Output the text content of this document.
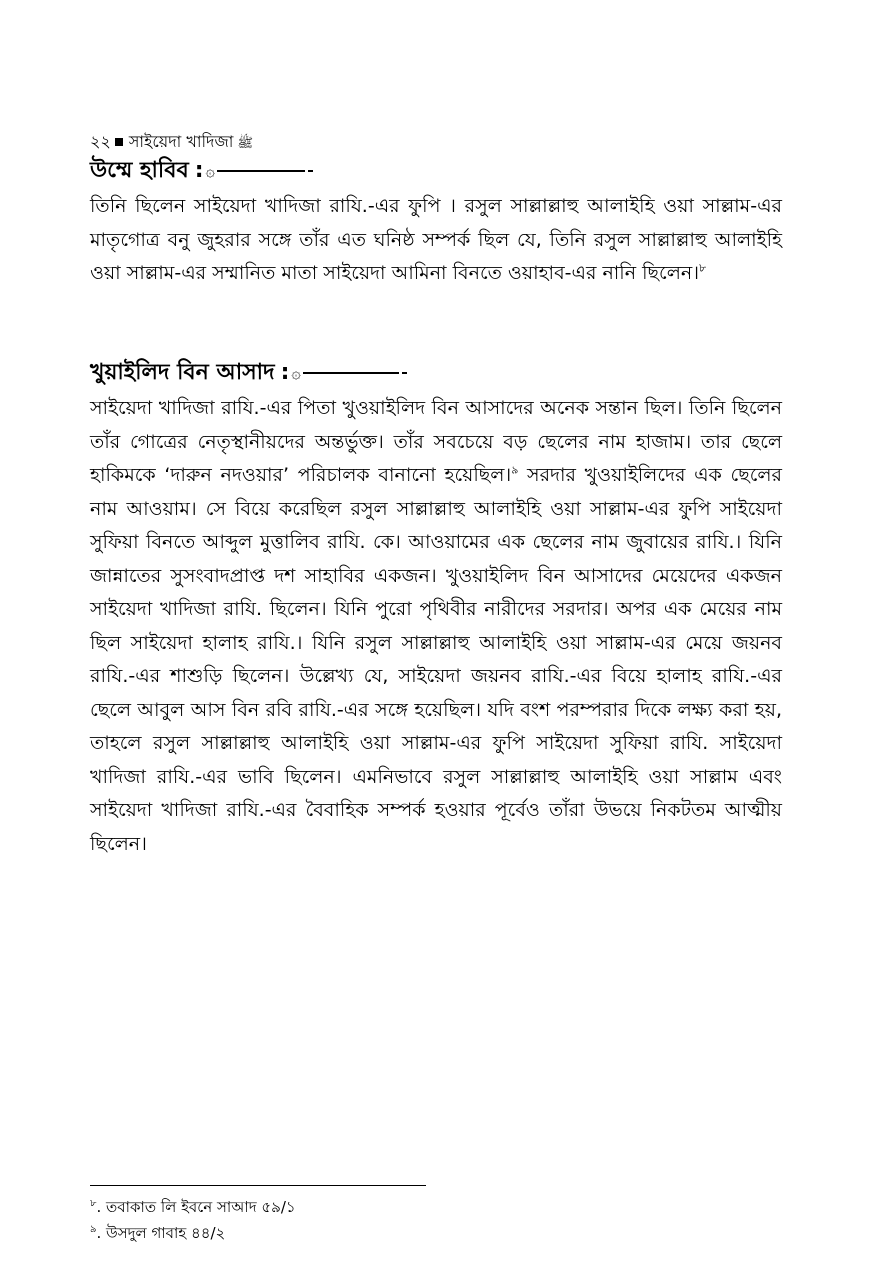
২২ সাইয়েদা খাদিজা ﷺ
উম্মে হাবিব : ۞

তিনি ছিলেন সাইয়েদা খাদিজা রাযি.-এর ফুপি । রসুল সাল্লাল্লাহু আলাইহি ওয়া সাল্লাম-এর মাতৃগোত্র বনু জুহরার সঙ্গে তাঁর এত ঘনিষ্ঠ সম্পর্ক ছিল যে, তিনি রসুল সাল্লাল্লাহু আলাইহি ওয়া সাল্লাম-এর সম্মানিত মাতা সাইয়েদা আমিনা বিনতে ওয়াহাব-এর নানি ছিলেন।$^৮$

খুয়াইলিদ বিন আসাদ : ۞

সাইয়েদা খাদিজা রাযি.-এর পিতা খুওয়াইলিদ বিন আসাদের অনেক সন্তান ছিল। তিনি ছিলেন তাঁর গোত্রের নেতৃস্থানীয়দের অন্তর্ভুক্ত। তাঁর সবচেয়ে বড় ছেলের নাম হাজাম। তার ছেলে হাকিমকে ‘দারুন নদওয়ার’ পরিচালক বানানো হয়েছিল।$^৯$ সরদার খুওয়াইলিদের এক ছেলের নাম আওয়াম। সে বিয়ে করেছিল রসুল সাল্লাল্লাহু আলাইহি ওয়া সাল্লাম-এর ফুপি সাইয়েদা সুফিয়া বিনতে আব্দুল মুত্তালিব রাযি. কে। আওয়ামের এক ছেলের নাম জুবায়ের রাযি.। যিনি জান্নাতের সুসংবাদপ্রাপ্ত দশ সাহাবির একজন। খুওয়াইলিদ বিন আসাদের মেয়েদের একজন সাইয়েদা খাদিজা রাযি. ছিলেন। যিনি পুরো পৃথিবীর নারীদের সরদার। অপর এক মেয়ের নাম ছিল সাইয়েদা হালাহ রাযি.। যিনি রসুল সাল্লাল্লাহু আলাইহি ওয়া সাল্লাম-এর মেয়ে জয়নব রাযি.-এর শাশুড়ি ছিলেন। উল্লেখ্য যে, সাইয়েদা জয়নব রাযি.-এর বিয়ে হালাহ রাযি.-এর ছেলে আবুল আস বিন রবি রাযি.-এর সঙ্গে হয়েছিল। যদি বংশ পরম্পরার দিকে লক্ষ্য করা হয়, তাহলে রসুল সাল্লাল্লাহু আলাইহি ওয়া সাল্লাম-এর ফুপি সাইয়েদা সুফিয়া রাযি. সাইয়েদা খাদিজা রাযি.-এর ভাবি ছিলেন। এমনিভাবে রসুল সাল্লাল্লাহু আলাইহি ওয়া সাল্লাম এবং সাইয়েদা খাদিজা রাযি.-এর বৈবাহিক সম্পর্ক হওয়ার পূর্বেও তাঁরা উভয়ে নিকটতম আত্মীয় ছিলেন।

$^৮$. তবাকাত লি ইবনে সাআদ ৫৯/১
$^৯$. উসদুল গাবাহ ৪৪/২
